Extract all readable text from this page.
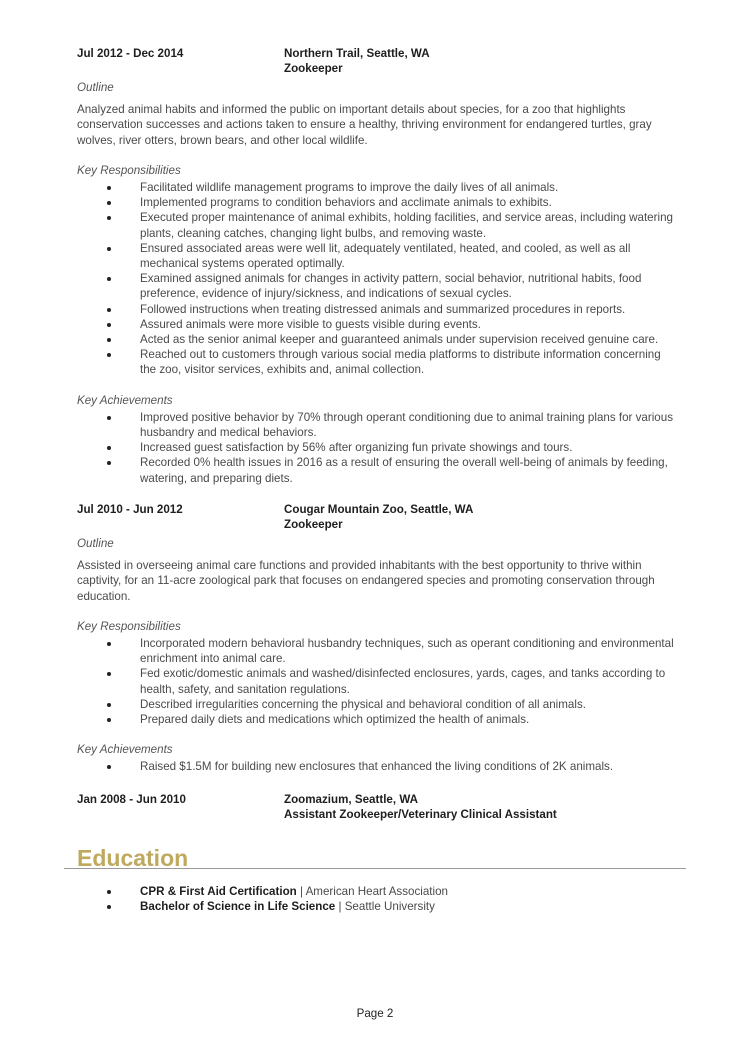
Jul 2012 - Dec 2014	Northern Trail, Seattle, WA
Zookeeper

Outline

Analyzed animal habits and informed the public on important details about species, for a zoo that highlights conservation successes and actions taken to ensure a healthy, thriving environment for endangered turtles, gray wolves, river otters, brown bears, and other local wildlife.

Key Responsibilities

Facilitated wildlife management programs to improve the daily lives of all animals.
Implemented programs to condition behaviors and acclimate animals to exhibits.
Executed proper maintenance of animal exhibits, holding facilities, and service areas, including watering plants, cleaning catches, changing light bulbs, and removing waste.
Ensured associated areas were well lit, adequately ventilated, heated, and cooled, as well as all mechanical systems operated optimally.
Examined assigned animals for changes in activity pattern, social behavior, nutritional habits, food preference, evidence of injury/sickness, and indications of sexual cycles.
Followed instructions when treating distressed animals and summarized procedures in reports.
Assured animals were more visible to guests visible during events.
Acted as the senior animal keeper and guaranteed animals under supervision received genuine care.
Reached out to customers through various social media platforms to distribute information concerning the zoo, visitor services, exhibits and, animal collection.

Key Achievements

Improved positive behavior by 70% through operant conditioning due to animal training plans for various husbandry and medical behaviors.
Increased guest satisfaction by 56% after organizing fun private showings and tours.
Recorded 0% health issues in 2016 as a result of ensuring the overall well-being of animals by feeding, watering, and preparing diets.
Jul 2010 - Jun 2012	Cougar Mountain Zoo, Seattle, WA
Zookeeper

Outline

Assisted in overseeing animal care functions and provided inhabitants with the best opportunity to thrive within captivity, for an 11-acre zoological park that focuses on endangered species and promoting conservation through education.

Key Responsibilities

Incorporated modern behavioral husbandry techniques, such as operant conditioning and environmental enrichment into animal care.
Fed exotic/domestic animals and washed/disinfected enclosures, yards, cages, and tanks according to health, safety, and sanitation regulations.
Described irregularities concerning the physical and behavioral condition of all animals.
Prepared daily diets and medications which optimized the health of animals.

Key Achievements

Raised $1.5M for building new enclosures that enhanced the living conditions of 2K animals.
Jan 2008 - Jun 2010	Zoomazium, Seattle, WA
Assistant Zookeeper/Veterinary Clinical Assistant
Education
CPR & First Aid Certification | American Heart Association
Bachelor of Science in Life Science | Seattle University
Page 2
